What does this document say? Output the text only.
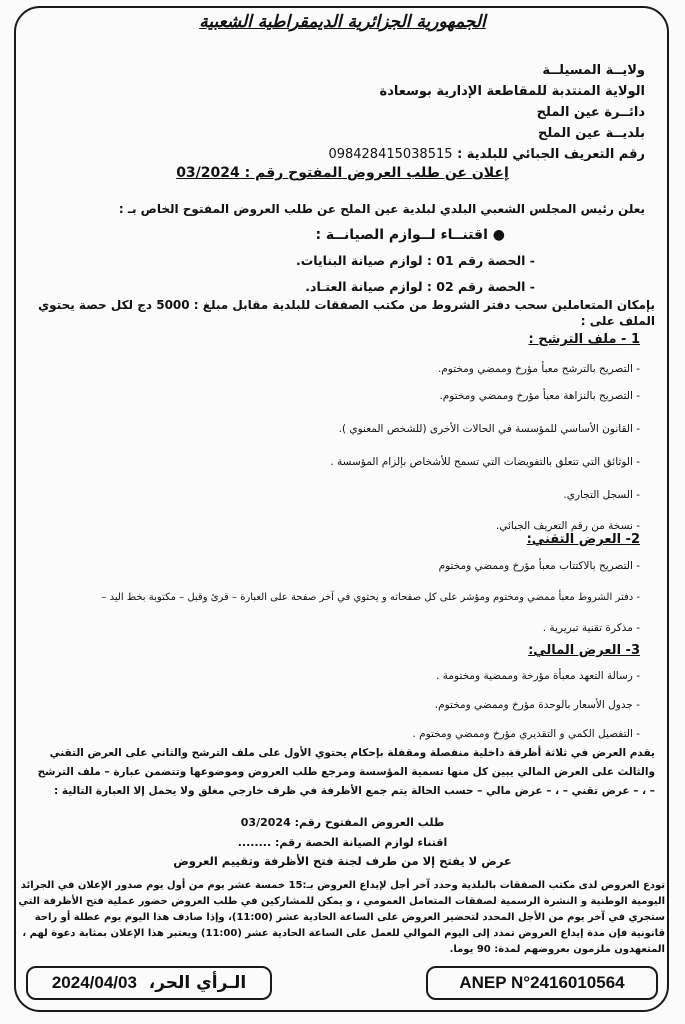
الجمهورية الجزائرية الديمقراطية الشعبية
ولايــة المسيلــة
الولاية المنتدبة للمقاطعة الإدارية بوسعادة
دائــرة عين الملح
بلديــة عين الملح
رقم التعريف الجبائي للبلدية : 098428415038515
إعلان عن طلب العروض المفتوح رقم : 03/2024
يعلن رئيس المجلس الشعبي البلدي لبلدية عين الملح عن طلب العروض المفتوح الخاص بـ :
● اقتنــاء لــوازم الصيانــة :
- الحصة رقم 01 : لوازم صيانة البنايات.
- الحصة رقم 02 : لوازم صيانة العتـاد.
بإمكان المتعاملين سحب دفتر الشروط من مكتب الصفقات للبلدية مقابل مبلغ : 5000 دج لكل حصة يحتوي الملف على :
1 - ملف الترشح :
- التصريح بالترشح معبأ مؤرخ وممضي ومختوم.
- التصريح بالنزاهة معبأ مؤرخ وممضي ومختوم.
- القانون الأساسي للمؤسسة في الحالات الأخرى (للشخص المعنوي ).
- الوثائق التي تتعلق بالتفويضات التي تسمح للأشخاص بإلزام المؤسسة .
- السجل التجاري.
- نسخة من رقم التعريف الجبائي.
2- العرض التقني:
- التصريح بالاكتتاب معبأ مؤرخ وممضي ومختوم
- دفتر الشروط معبأ ممضي ومختوم ومؤشر على كل صفحاته و يحتوي في آخر صفحة على العبارة – قرئ وقبل – مكتوبة بخط اليد –
- مذكرة تقنية تبريرية .
3- العرض المالي:
- رسالة التعهد معبأة مؤرخة وممضية ومختومة .
- جدول الأسعار بالوحدة مؤرخ وممضي ومختوم.
- التفصيل الكمي و التقديري مؤرخ وممضي ومختوم .
يقدم العرض في ثلاثة أظرفة داخلية منفصلة ومقفلة بإحكام يحتوي الأول على ملف الترشح والثاني على العرض التقني والثالث على العرض المالي يبين كل منها تسمية المؤسسة ومرجع طلب العروض وموضوعها وتتضمن عبارة – ملف الترشح – ، – عرض تقني – ، – عرض مالي – حسب الحالة يتم جمع الأظرفة في ظرف خارجي مغلق ولا يحمل إلا العبارة التالية :
طلب العروض المفتوح رقم: 03/2024
اقتناء لوازم الصيانة الحصة رقم: ........
عرض لا يفتح إلا من طرف لجنة فتح الأظرفة وتقييم العروض
تودع العروض لدى مكتب الصفقات بالبلدية وحدد آخر أجل لإيداع العروض بـ:15 خمسة عشر يوم من أول يوم صدور الإعلان في الجرائد اليومية الوطنية و النشرة الرسمية لصفقات المتعامل العمومي ، و يمكن للمشاركين في طلب العروض حضور عملية فتح الأظرفة التي ستجري في آخر يوم من الأجل المحدد لتحضير العروض على الساعة الحادية عشر (11:00)، وإذا صادف هذا اليوم يوم عطلة أو راحة قانونية فإن مدة إيداع العروض تمدد إلى اليوم الموالي للعمل على الساعة الحادية عشر (11:00) ويعتبر هذا الإعلان بمثابة دعوة لهم ، المتعهدون ملزمون بعروضهم لمدة: 90 يوما.
الـرأي الحر،

2024/04/03	ANEP N°2416010564
